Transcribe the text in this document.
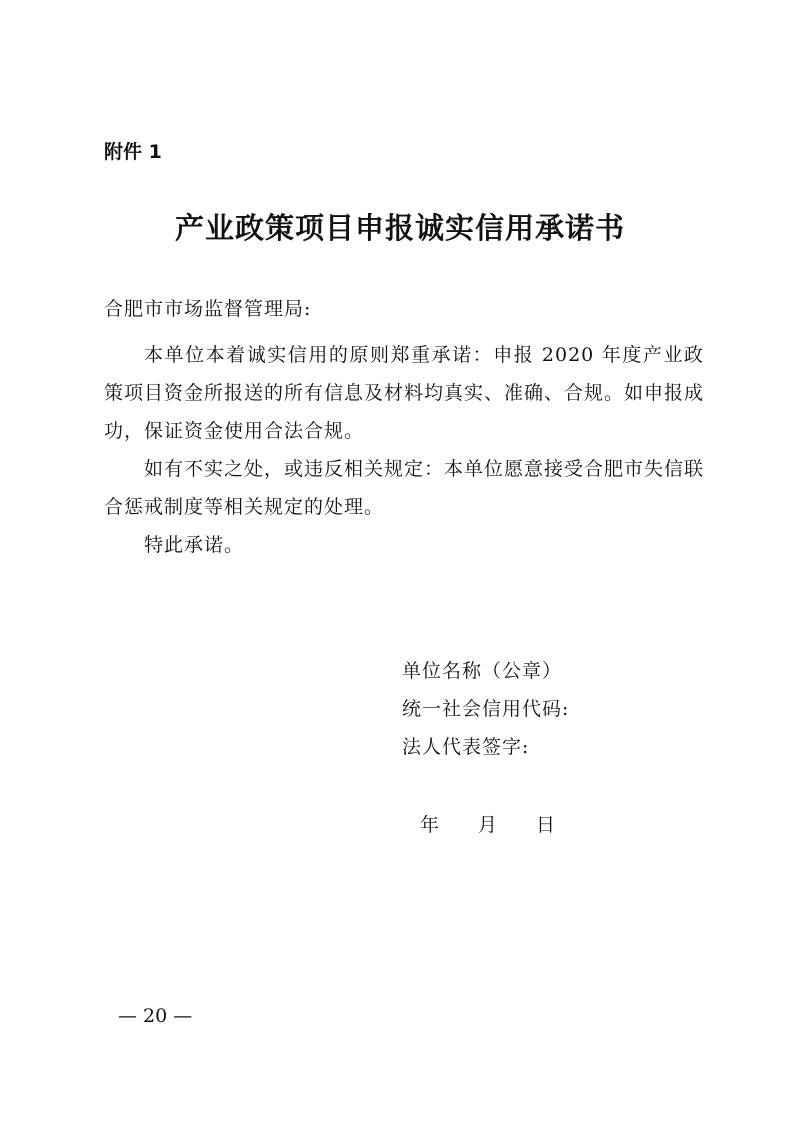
附件 1
产业政策项目申报诚实信用承诺书
合肥市市场监督管理局:

本单位本着诚实信用的原则郑重承诺：申报 2020 年度产业政策项目资金所报送的所有信息及材料均真实、准确、合规。如申报成功，保证资金使用合法合规。

如有不实之处，或违反相关规定：本单位愿意接受合肥市失信联合惩戒制度等相关规定的处理。

特此承诺。

单位名称（公章）
统一社会信用代码:
法人代表签字:
年 月 日
— 20 —
